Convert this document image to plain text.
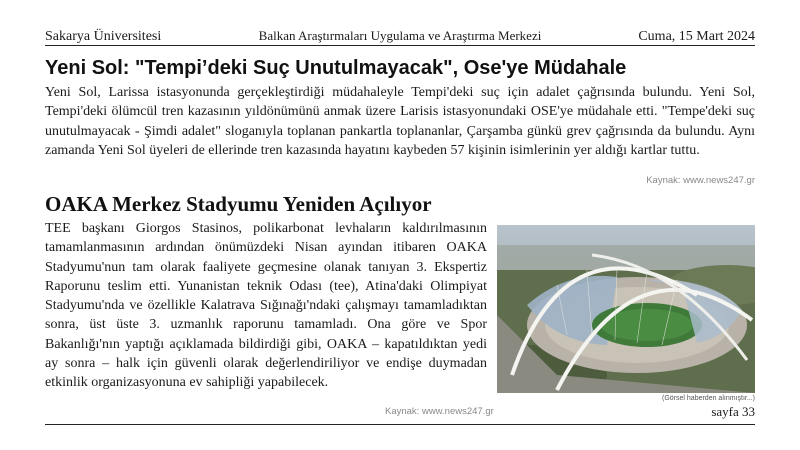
Sakarya Üniversitesi	Balkan Araştırmaları Uygulama ve Araştırma Merkezi	Cuma, 15 Mart 2024
Yeni Sol: "Tempi’deki Suç Unutulmayacak", Ose'ye Müdahale

Yeni Sol, Larissa istasyonunda gerçekleştirdiği müdahaleyle Tempi'deki suç için adalet çağrısında bulundu. Yeni Sol, Tempi'deki ölümcül tren kazasının yıldönümünü anmak üzere Larisis istasyonundaki OSE'ye müdahale etti. "Tempe'deki suç unutulmayacak - Şimdi adalet" sloganıyla toplanan pankartla toplananlar, Çarşamba günkü grev çağrısında da bulundu. Aynı zamanda Yeni Sol üyeleri de ellerinde tren kazasında hayatını kaybeden 57 kişinin isimlerinin yer aldığı kartlar tuttu.

Kaynak: www.news247.gr
OAKA Merkez Stadyumu Yeniden Açılıyor

TEE başkanı Giorgos Stasinos, polikarbonat levhaların kaldırılmasının tamamlanmasının ardından önümüzdeki Nisan ayından itibaren OAKA Stadyumu'nun tam olarak faaliyete geçmesine olanak tanıyan 3. Ekspertiz Raporunu teslim etti. Yunanistan teknik Odası (tee), Atina'daki Olimpiyat Stadyumu'nda ve özellikle Kalatrava Sığınağı'ndaki çalışmayı tamamladıktan sonra, üst üste 3. uzmanlık raporunu tamamladı. Ona göre ve Spor Bakanlığı'nın yaptığı açıklamada bildirdiği gibi, OAKA – kapatıldıktan yedi ay sonra – halk için güvenli olarak değerlendiriliyor ve endişe duymadan etkinlik organizasyonuna ev sahipliği yapabilecek.

Kaynak: www.news247.gr
(Görsel haberden alınmıştır...)
sayfa 33
